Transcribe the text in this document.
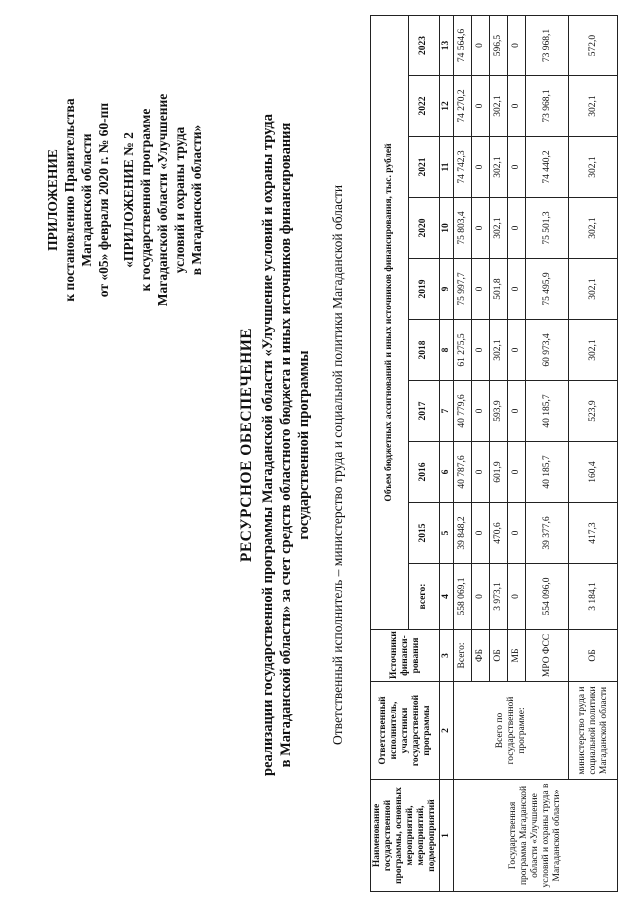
ПРИЛОЖЕНИЕ к постановлению Правительства Магаданской области от «05» февраля 2020 г. № 60-пп «ПРИЛОЖЕНИЕ № 2 к государственной программе Магаданской области «Улучшение условий и охраны труда в Магаданской области»
РЕСУРСНОЕ ОБЕСПЕЧЕНИЕ реализации государственной программы Магаданской области «Улучшение условий и охраны труда в Магаданской области» за счет средств областного бюджета и иных источников финансирования государственной программы Ответственный исполнитель – министерство труда и социальной политики Магаданской области
Наименование государственной программы, основных мероприятий, мероприятий, подмероприятий	Ответственный исполнитель, участники государственной программы	Источники финанси-рования	Объем бюджетных ассигнований и иных источников финансирования, тыс. рублей									
			всего:	2015	2016	2017	2018	2019	2020	2021	2022	2023
1	2	3	4	5	6	7	8	9	10	11	12	13
Государственная программа Магаданской области «Улучшение условий и охраны труда в Магаданской области»	Всего по государственной программе:	Всего:	558 069,1	39 848,2	40 787,6	40 779,6	61 275,5	75 997,7	75 803,4	74 742,3	74 270,2	74 564,6
		ФБ	0	0	0	0	0	0	0	0	0	0
		ОБ	3 973,1	470,6	601,9	593,9	302,1	501,8	302,1	302,1	302,1	596,5
		МБ	0	0	0	0	0	0	0	0	0	0
		МРО ФСС	554 096,0	39 377,6	40 185,7	40 185,7	60 973,4	75 495,9	75 501,3	74 440,2	73 968,1	73 968,1
	министерство труда и социальной политики Магаданской области	ОБ	3 184,1	417,3	160,4	523,9	302,1	302,1	302,1	302,1	302,1	572,0
